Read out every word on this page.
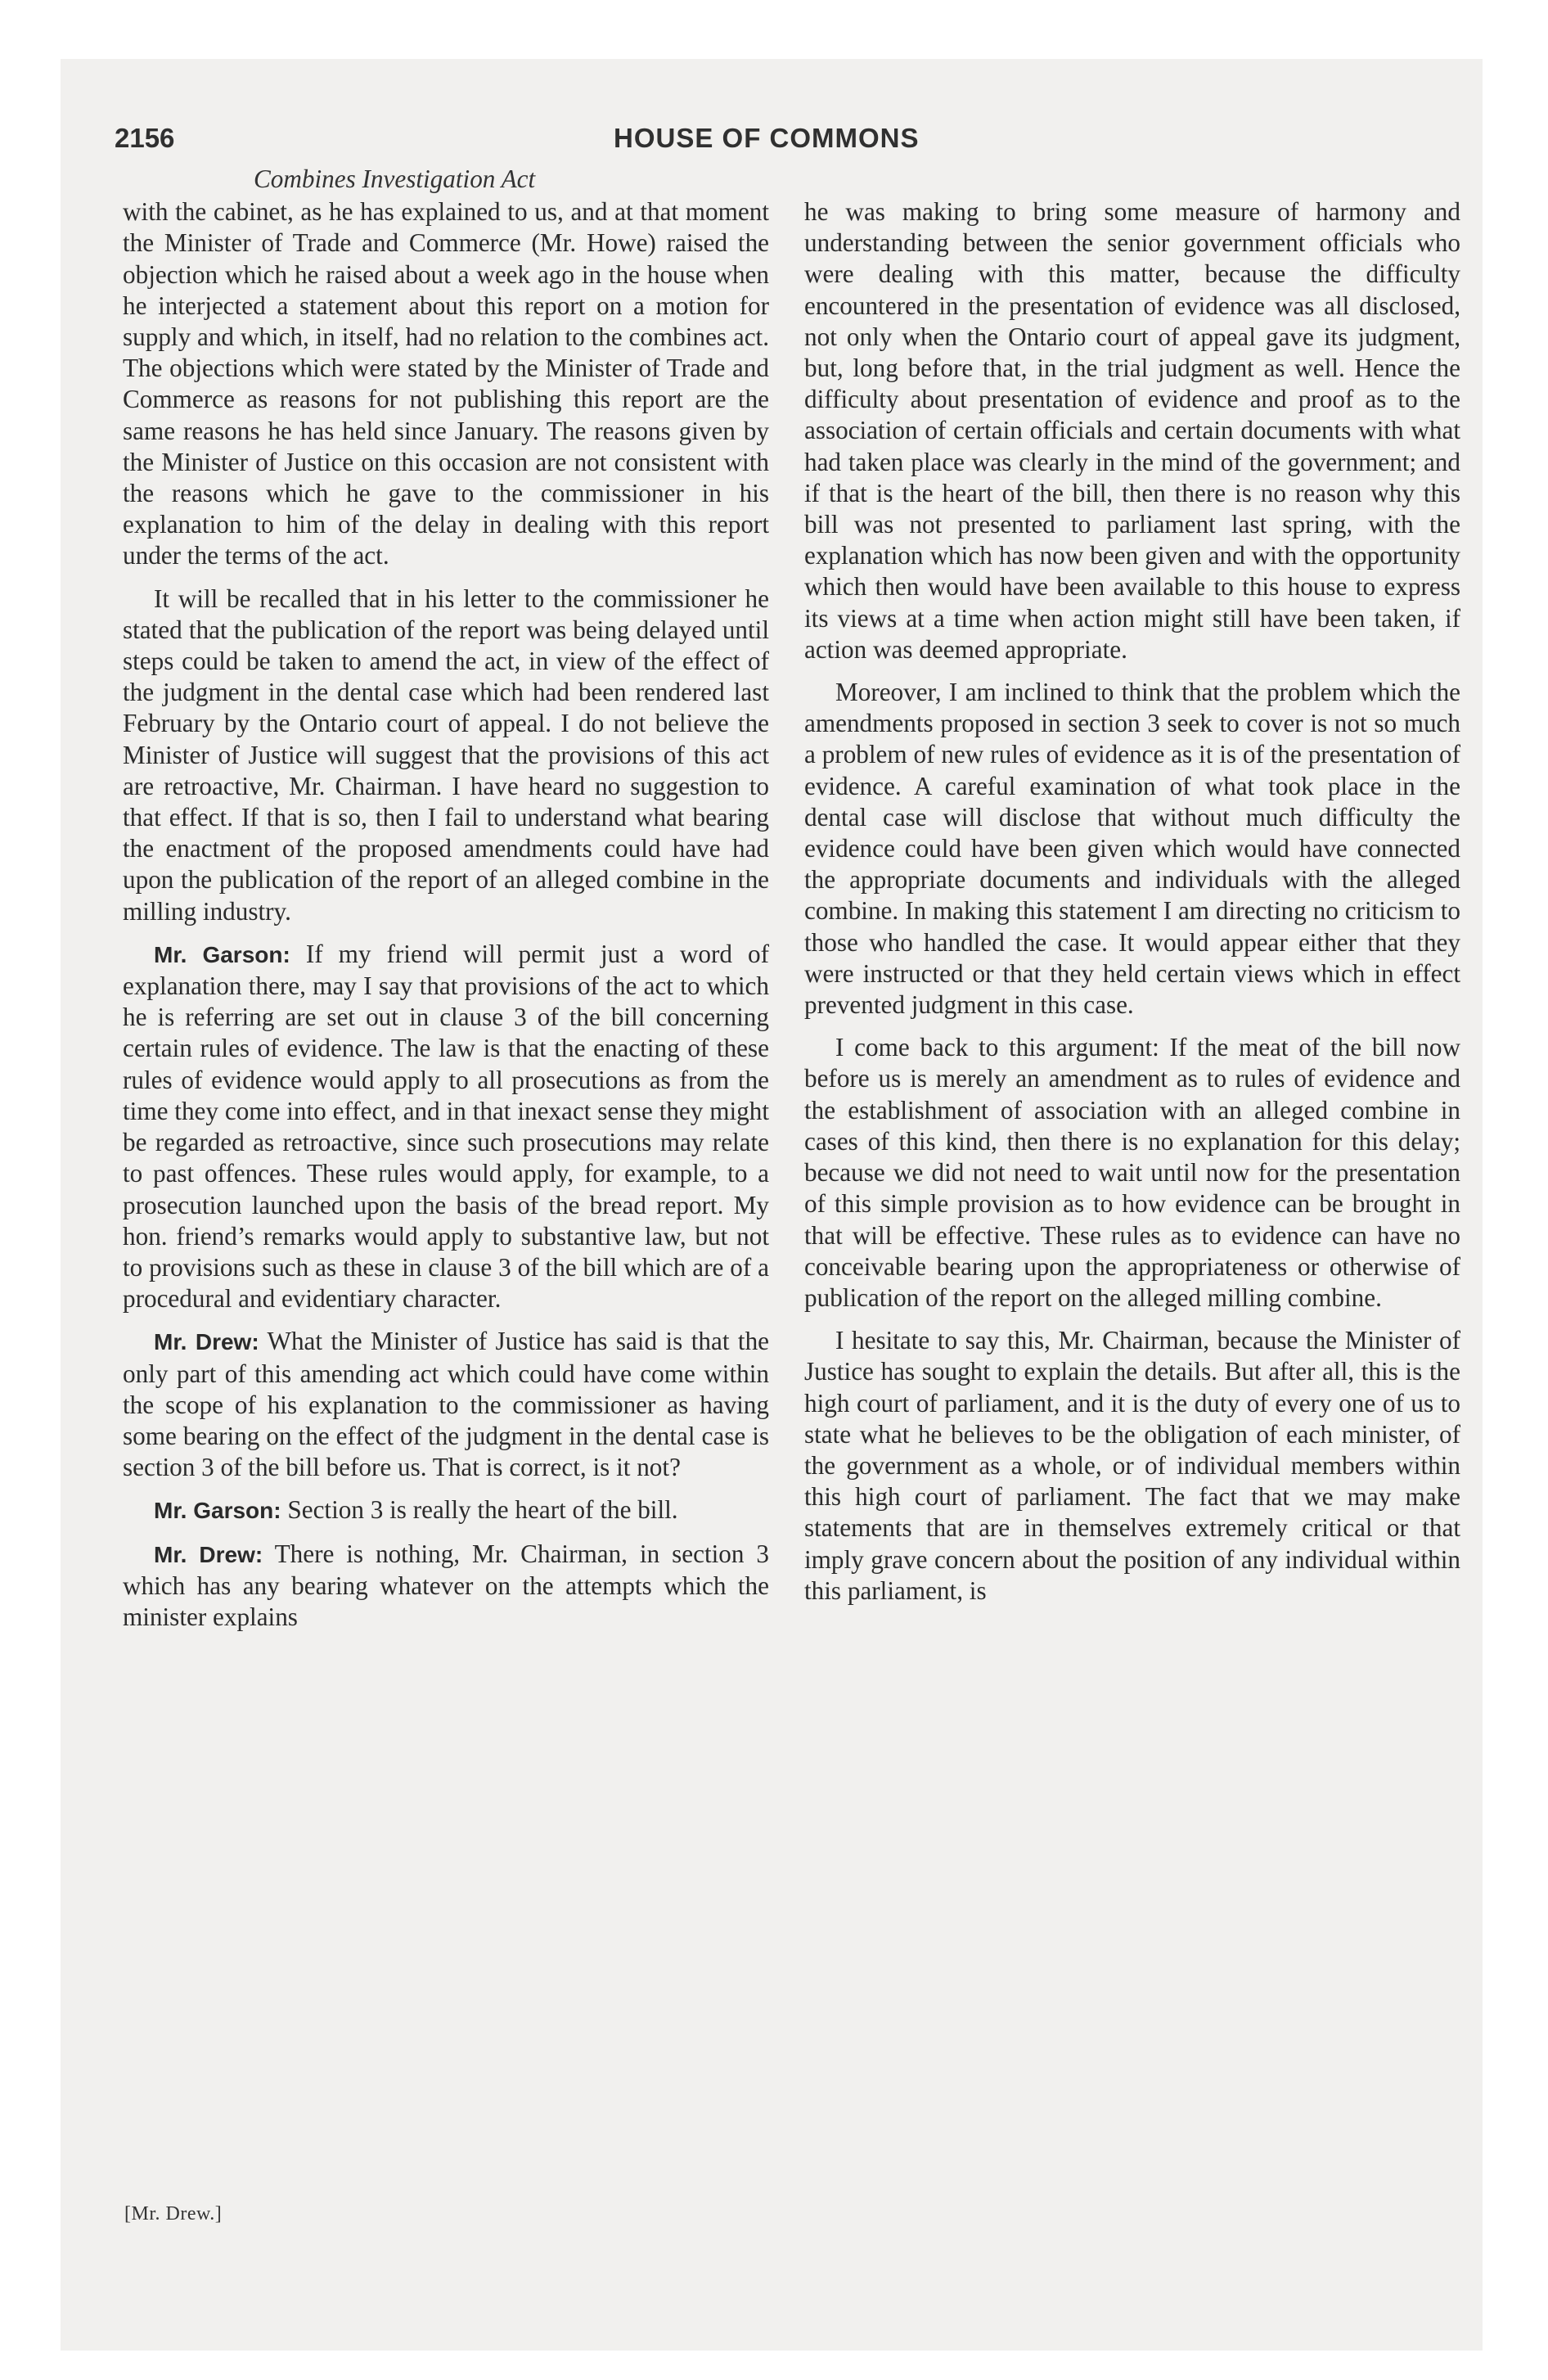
2156	HOUSE OF COMMONS
Combines Investigation Act

with the cabinet, as he has explained to us, and at that moment the Minister of Trade and Commerce (Mr. Howe) raised the objection which he raised about a week ago in the house when he interjected a statement about this report on a motion for supply and which, in itself, had no relation to the combines act. The objections which were stated by the Minister of Trade and Commerce as reasons for not publishing this report are the same reasons he has held since January. The reasons given by the Minister of Justice on this occasion are not consistent with the reasons which he gave to the commissioner in his explanation to him of the delay in dealing with this report under the terms of the act.

It will be recalled that in his letter to the commissioner he stated that the publication of the report was being delayed until steps could be taken to amend the act, in view of the effect of the judgment in the dental case which had been rendered last February by the Ontario court of appeal. I do not believe the Minister of Justice will suggest that the provisions of this act are retroactive, Mr. Chairman. I have heard no suggestion to that effect. If that is so, then I fail to understand what bearing the enactment of the proposed amendments could have had upon the publication of the report of an alleged combine in the milling industry.

Mr. Garson: If my friend will permit just a word of explanation there, may I say that provisions of the act to which he is referring are set out in clause 3 of the bill concerning certain rules of evidence. The law is that the enacting of these rules of evidence would apply to all prosecutions as from the time they come into effect, and in that inexact sense they might be regarded as retroactive, since such prosecutions may relate to past offences. These rules would apply, for example, to a prosecution launched upon the basis of the bread report. My hon. friend’s remarks would apply to substantive law, but not to provisions such as these in clause 3 of the bill which are of a procedural and evidentiary character.

Mr. Drew: What the Minister of Justice has said is that the only part of this amending act which could have come within the scope of his explanation to the commissioner as having some bearing on the effect of the judgment in the dental case is section 3 of the bill before us. That is correct, is it not?

Mr. Garson: Section 3 is really the heart of the bill.

Mr. Drew: There is nothing, Mr. Chairman, in section 3 which has any bearing whatever on the attempts which the minister explains

he was making to bring some measure of harmony and understanding between the senior government officials who were dealing with this matter, because the difficulty encountered in the presentation of evidence was all disclosed, not only when the Ontario court of appeal gave its judgment, but, long before that, in the trial judgment as well. Hence the difficulty about presentation of evidence and proof as to the association of certain officials and certain documents with what had taken place was clearly in the mind of the government; and if that is the heart of the bill, then there is no reason why this bill was not presented to parliament last spring, with the explanation which has now been given and with the opportunity which then would have been available to this house to express its views at a time when action might still have been taken, if action was deemed appropriate.

Moreover, I am inclined to think that the problem which the amendments proposed in section 3 seek to cover is not so much a problem of new rules of evidence as it is of the presentation of evidence. A careful examination of what took place in the dental case will disclose that without much difficulty the evidence could have been given which would have connected the appropriate documents and individuals with the alleged combine. In making this statement I am directing no criticism to those who handled the case. It would appear either that they were instructed or that they held certain views which in effect prevented judgment in this case.

I come back to this argument: If the meat of the bill now before us is merely an amendment as to rules of evidence and the establishment of association with an alleged combine in cases of this kind, then there is no explanation for this delay; because we did not need to wait until now for the presentation of this simple provision as to how evidence can be brought in that will be effective. These rules as to evidence can have no conceivable bearing upon the appropriateness or otherwise of publication of the report on the alleged milling combine.

I hesitate to say this, Mr. Chairman, because the Minister of Justice has sought to explain the details. But after all, this is the high court of parliament, and it is the duty of every one of us to state what he believes to be the obligation of each minister, of the government as a whole, or of individual members within this high court of parliament. The fact that we may make statements that are in themselves extremely critical or that imply grave concern about the position of any individual within this parliament, is

[Mr. Drew.]
